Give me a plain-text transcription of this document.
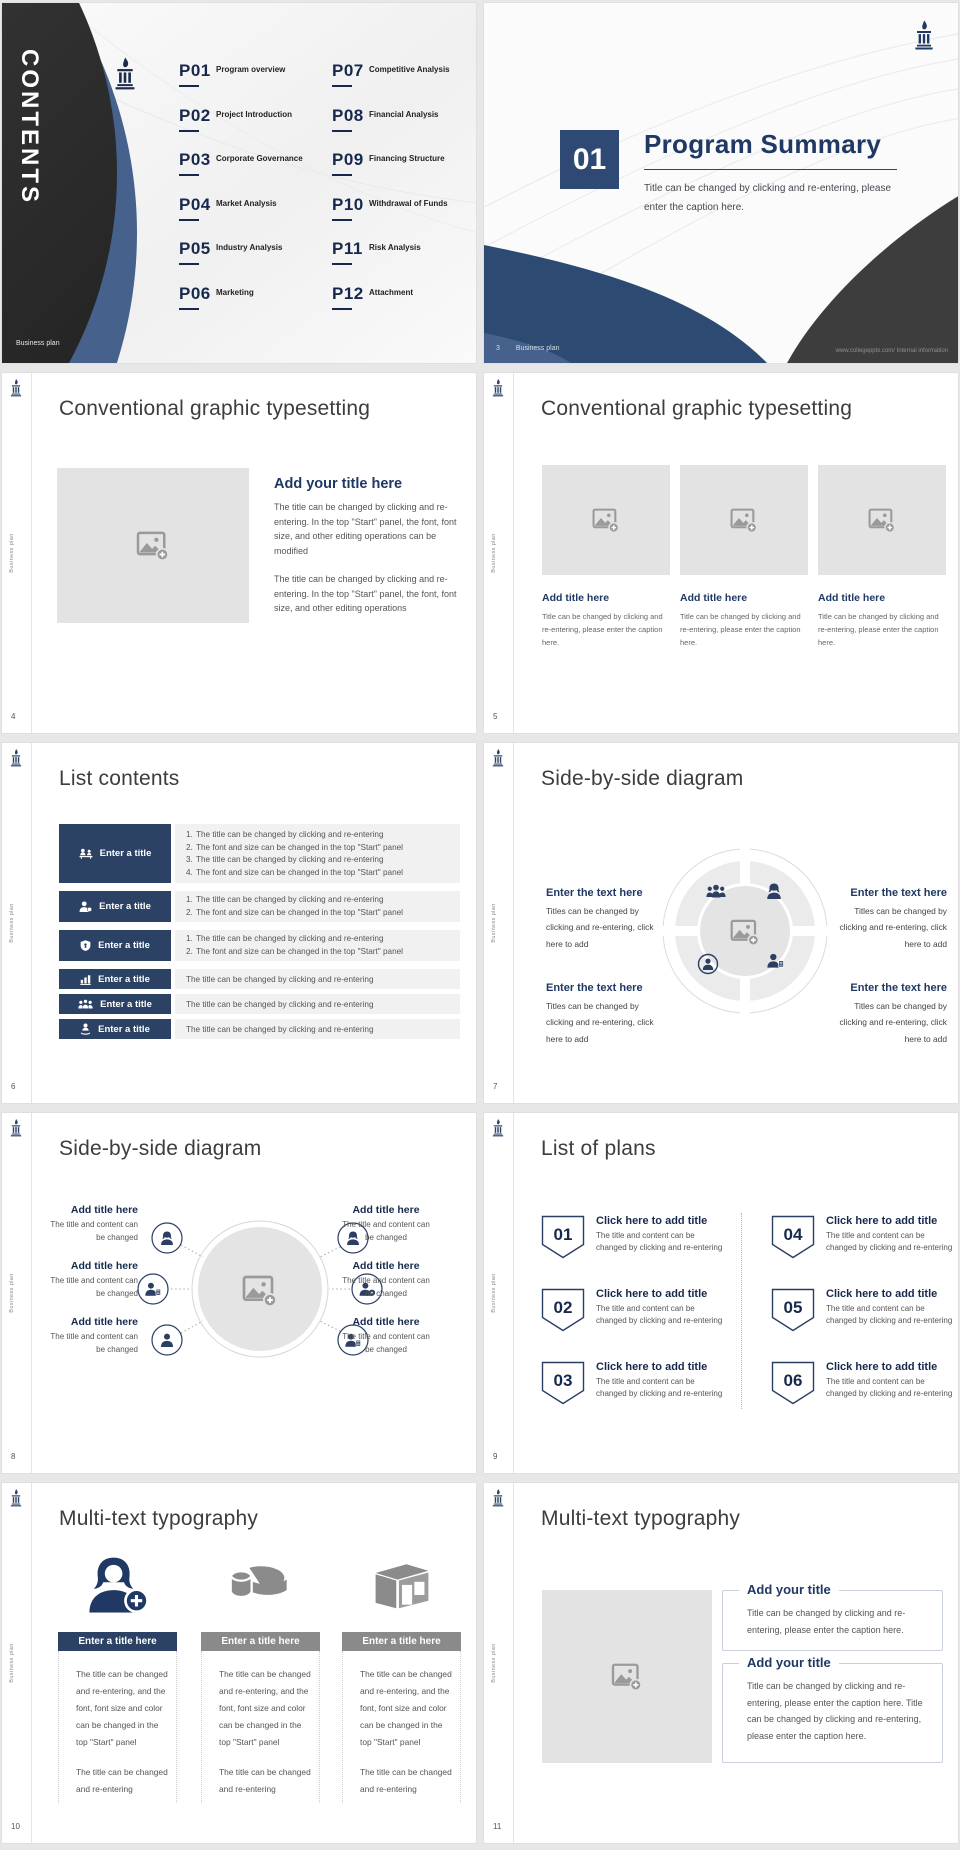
CONTENTS	P01 Program overview
P02 Project Introduction
P03 Corporate Governance
P04 Market Analysis
P05 Industry Analysis
P06 Marketing
P07 Competitive Analysis
P08 Financial Analysis
P09 Financing Structure
P10 Withdrawal of Funds
P11 Risk Analysis
P12 Attachment
Business plan
01	Program Summary
Title can be changed by clicking and re-entering, please enter the caption here.
3 Business plan	www.collegepptx.com/ Internal information
Business plan
4
Conventional graphic typesetting
Add your title here

The title can be changed by clicking and re-entering. In the top "Start" panel, the font, font size, and other editing operations can be modified

The title can be changed by clicking and re-entering. In the top "Start" panel, the font, font size, and other editing operations

Business plan
5
Conventional graphic typesetting
Add title here	Add title here	Add title here

Title can be changed by clicking and re-entering, please enter the caption here.

Title can be changed by clicking and re-entering, please enter the caption here.

Title can be changed by clicking and re-entering, please enter the caption here.

Business plan
6
List contents
Enter a title
1. The title can be changed by clicking and re-entering
2. The font and size can be changed in the top "Start" panel
3. The title can be changed by clicking and re-entering
4. The font and size can be changed in the top "Start" panel
Enter a title
1. The title can be changed by clicking and re-entering
2. The font and size can be changed in the top "Start" panel
Enter a title
1. The title can be changed by clicking and re-entering
2. The font and size can be changed in the top "Start" panel
Enter a title	The title can be changed by clicking and re-entering
Enter a title	The title can be changed by clicking and re-entering
Enter a title	The title can be changed by clicking and re-entering
Business plan
7
Side-by-side diagram
Enter the text here

Titles can be changed by clicking and re-entering, click here to add

Enter the text here

Titles can be changed by clicking and re-entering, click here to add

Enter the text here

Titles can be changed by clicking and re-entering, click here to add

Enter the text here

Titles can be changed by clicking and re-entering, click here to add

Business plan
8
Side-by-side diagram
Add title here

The title and content can be changed

Add title here

The title and content can be changed

Add title here

The title and content can be changed

Add title here

The title and content can be changed

Add title here

The title and content can be changed

Add title here

The title and content can be changed

Business plan
9
List of plans
01
Click here to add title

The title and content can be changed by clicking and re-entering

02
Click here to add title

The title and content can be changed by clicking and re-entering

03
Click here to add title

The title and content can be changed by clicking and re-entering

04
Click here to add title

The title and content can be changed by clicking and re-entering

05
Click here to add title

The title and content can be changed by clicking and re-entering

06
Click here to add title

The title and content can be changed by clicking and re-entering

Business plan
10
Multi-text typography
Enter a title here	Enter a title here	Enter a title here

The title can be changed and re-entering, and the font, font size and color can be changed in the top "Start" panel

The title can be changed and re-entering

The title can be changed and re-entering, and the font, font size and color can be changed in the top "Start" panel

The title can be changed and re-entering

The title can be changed and re-entering, and the font, font size and color can be changed in the top "Start" panel

The title can be changed and re-entering

Business plan
11
Multi-text typography
Add your title

Title can be changed by clicking and re-entering, please enter the caption here.

Add your title

Title can be changed by clicking and re-entering, please enter the caption here. Title can be changed by clicking and re-entering, please enter the caption here.
